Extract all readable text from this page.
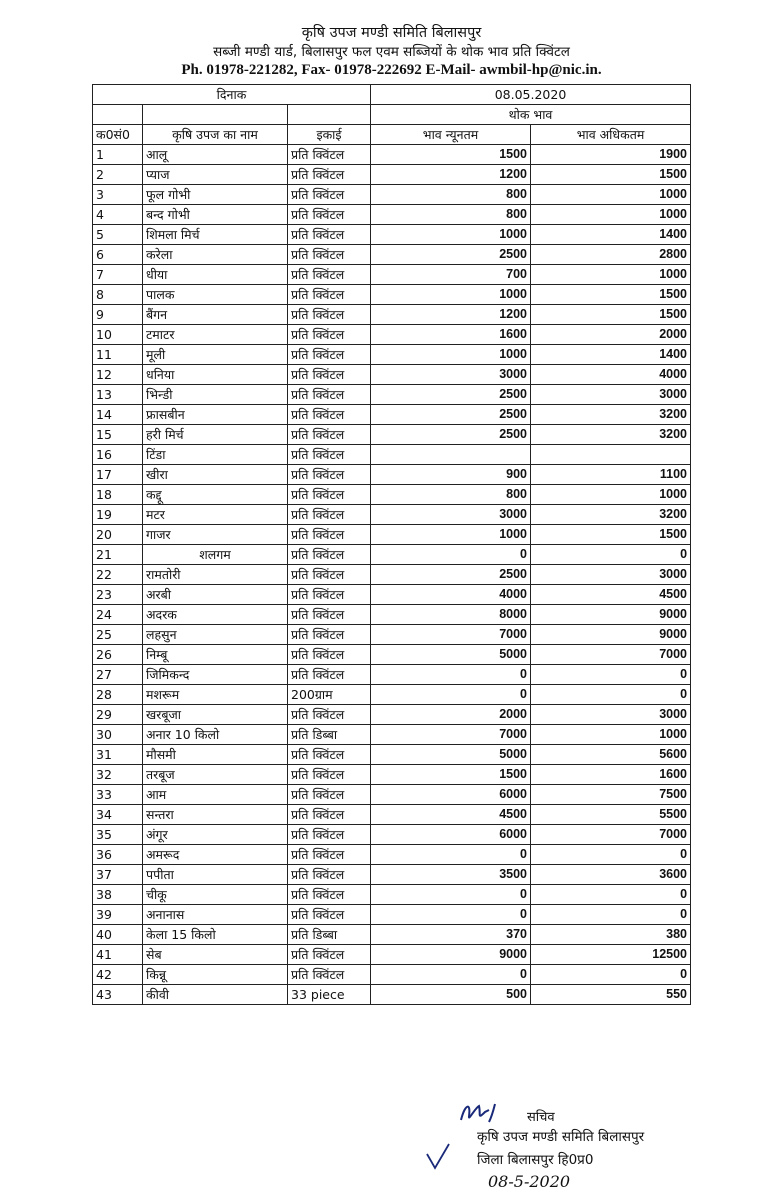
कृषि उपज मण्डी समिति बिलासपुर
सब्जी मण्डी यार्ड, बिलासपुर फल एवम सब्जियों के थोक भाव प्रति क्विंटल
Ph. 01978-221282, Fax- 01978-222692 E-Mail- awmbil-hp@nic.in.
दिनाक			08.05.2020	
			थोक भाव	
क0सं0	कृषि उपज का नाम	इकाई	भाव न्यूनतम	भाव अधिकतम
1	आलू	प्रति क्विंटल	1500	1900
2	प्याज	प्रति क्विंटल	1200	1500
3	फूल गोभी	प्रति क्विंटल	800	1000
4	बन्द गोभी	प्रति क्विंटल	800	1000
5	शिमला मिर्च	प्रति क्विंटल	1000	1400
6	करेला	प्रति क्विंटल	2500	2800
7	धीया	प्रति क्विंटल	700	1000
8	पालक	प्रति क्विंटल	1000	1500
9	बैंगन	प्रति क्विंटल	1200	1500
10	टमाटर	प्रति क्विंटल	1600	2000
11	मूली	प्रति क्विंटल	1000	1400
12	धनिया	प्रति क्विंटल	3000	4000
13	भिन्डी	प्रति क्विंटल	2500	3000
14	फ्रासबीन	प्रति क्विंटल	2500	3200
15	हरी मिर्च	प्रति क्विंटल	2500	3200
16	टिंडा	प्रति क्विंटल		
17	खीरा	प्रति क्विंटल	900	1100
18	कद्दू	प्रति क्विंटल	800	1000
19	मटर	प्रति क्विंटल	3000	3200
20	गाजर	प्रति क्विंटल	1000	1500
21	शलगम	प्रति क्विंटल	0	0
22	रामतोरी	प्रति क्विंटल	2500	3000
23	अरबी	प्रति क्विंटल	4000	4500
24	अदरक	प्रति क्विंटल	8000	9000
25	लहसुन	प्रति क्विंटल	7000	9000
26	निम्बू	प्रति क्विंटल	5000	7000
27	जिमिकन्द	प्रति क्विंटल	0	0
28	मशरूम	200ग्राम	0	0
29	खरबूजा	प्रति क्विंटल	2000	3000
30	अनार 10 किलो	प्रति डिब्बा	7000	1000
31	मौसमी	प्रति क्विंटल	5000	5600
32	तरबूज	प्रति क्विंटल	1500	1600
33	आम	प्रति क्विंटल	6000	7500
34	सन्तरा	प्रति क्विंटल	4500	5500
35	अंगूर	प्रति क्विंटल	6000	7000
36	अमरूद	प्रति क्विंटल	0	0
37	पपीता	प्रति क्विंटल	3500	3600
38	चीकू	प्रति क्विंटल	0	0
39	अनानास	प्रति क्विंटल	0	0
40	केला 15 किलो	प्रति डिब्बा	370	380
41	सेब	प्रति क्विंटल	9000	12500
42	किन्नू	प्रति क्विंटल	0	0
43	कीवी	33 piece	500	550
सचिव
कृषि उपज मण्डी समिति बिलासपुर
जिला बिलासपुर हि0प्र0
08-5-2020
